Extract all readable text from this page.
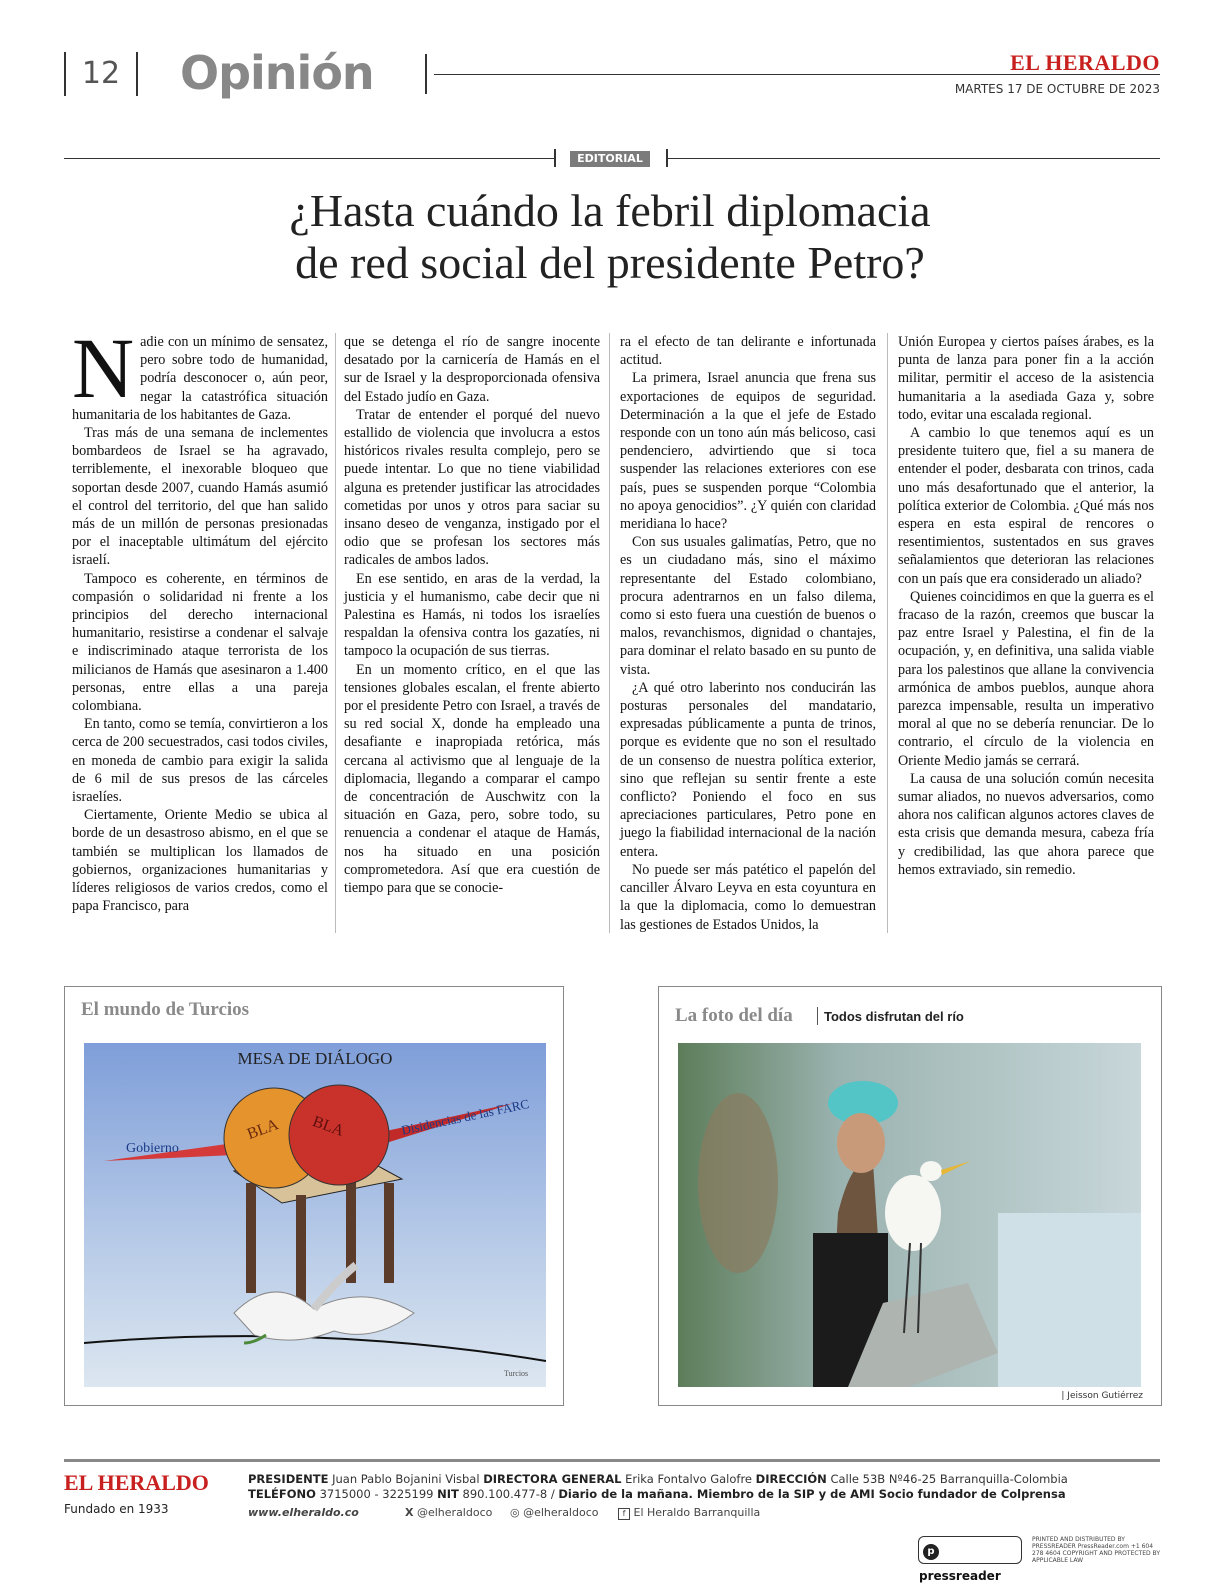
12	Opinión	EL HERALDO
MARTES 17 DE OCTUBRE DE 2023
EDITORIAL
¿Hasta cuándo la febril diplomacia
de red social del presidente Petro?

Nadie con un mínimo de sensatez, pero sobre todo de humanidad, podría desconocer o, aún peor, negar la catastrófica situación humanitaria de los habitantes de Gaza.

Tras más de una semana de inclementes bombardeos de Israel se ha agravado, terriblemente, el inexorable bloqueo que soportan desde 2007, cuando Hamás asumió el control del territorio, del que han salido más de un millón de personas presionadas por el inaceptable ultimátum del ejército israelí.

Tampoco es coherente, en términos de compasión o solidaridad ni frente a los principios del derecho internacional humanitario, resistirse a condenar el salvaje e indiscriminado ataque terrorista de los milicianos de Hamás que asesinaron a 1.400 personas, entre ellas a una pareja colombiana.

En tanto, como se temía, convirtieron a los cerca de 200 secuestrados, casi todos civiles, en moneda de cambio para exigir la salida de 6 mil de sus presos de las cárceles israelíes.

Ciertamente, Oriente Medio se ubica al borde de un desastroso abismo, en el que se también se multiplican los llamados de gobiernos, organizaciones humanitarias y líderes religiosos de varios credos, como el papa Francisco, para

que se detenga el río de sangre inocente desatado por la carnicería de Hamás en el sur de Israel y la desproporcionada ofensiva del Estado judío en Gaza.

Tratar de entender el porqué del nuevo estallido de violencia que involucra a estos históricos rivales resulta complejo, pero se puede intentar. Lo que no tiene viabilidad alguna es pretender justificar las atrocidades cometidas por unos y otros para saciar su insano deseo de venganza, instigado por el odio que se profesan los sectores más radicales de ambos lados.

En ese sentido, en aras de la verdad, la justicia y el humanismo, cabe decir que ni Palestina es Hamás, ni todos los israelíes respaldan la ofensiva contra los gazatíes, ni tampoco la ocupación de sus tierras.

En un momento crítico, en el que las tensiones globales escalan, el frente abierto por el presidente Petro con Israel, a través de su red social X, donde ha empleado una desafiante e inapropiada retórica, más cercana al activismo que al lenguaje de la diplomacia, llegando a comparar el campo de concentración de Auschwitz con la situación en Gaza, pero, sobre todo, su renuencia a condenar el ataque de Hamás, nos ha situado en una posición comprometedora. Así que era cuestión de tiempo para que se conocie-

ra el efecto de tan delirante e infortunada actitud.

La primera, Israel anuncia que frena sus exportaciones de equipos de seguridad. Determinación a la que el jefe de Estado responde con un tono aún más belicoso, casi pendenciero, advirtiendo que si toca suspender las relaciones exteriores con ese país, pues se suspenden porque “Colombia no apoya genocidios”. ¿Y quién con claridad meridiana lo hace?

Con sus usuales galimatías, Petro, que no es un ciudadano más, sino el máximo representante del Estado colombiano, procura adentrarnos en un falso dilema, como si esto fuera una cuestión de buenos o malos, revanchismos, dignidad o chantajes, para dominar el relato basado en su punto de vista.

¿A qué otro laberinto nos conducirán las posturas personales del mandatario, expresadas públicamente a punta de trinos, porque es evidente que no son el resultado de un consenso de nuestra política exterior, sino que reflejan su sentir frente a este conflicto? Poniendo el foco en sus apreciaciones particulares, Petro pone en juego la fiabilidad internacional de la nación entera.

No puede ser más patético el papelón del canciller Álvaro Leyva en esta coyuntura en la que la diplomacia, como lo demuestran las gestiones de Estados Unidos, la

Unión Europea y ciertos países árabes, es la punta de lanza para poner fin a la acción militar, permitir el acceso de la asistencia humanitaria a la asediada Gaza y, sobre todo, evitar una escalada regional.

A cambio lo que tenemos aquí es un presidente tuitero que, fiel a su manera de entender el poder, desbarata con trinos, cada uno más desafortunado que el anterior, la política exterior de Colombia. ¿Qué más nos espera en esta espiral de rencores o resentimientos, sustentados en sus graves señalamientos que deterioran las relaciones con un país que era considerado un aliado?

Quienes coincidimos en que la guerra es el fracaso de la razón, creemos que buscar la paz entre Israel y Palestina, el fin de la ocupación, y, en definitiva, una salida viable para los palestinos que allane la convivencia armónica de ambos pueblos, aunque ahora parezca impensable, resulta un imperativo moral al que no se debería renunciar. De lo contrario, el círculo de la violencia en Oriente Medio jamás se cerrará.

La causa de una solución común necesita sumar aliados, no nuevos adversarios, como ahora nos califican algunos actores claves de esta crisis que demanda mesura, cabeza fría y credibilidad, las que ahora parece que hemos extraviado, sin remedio.

El mundo de Turcios
MESA DE DIÁLOGO
Gobierno
Disidencias de las FARC
BLA BLA
Turcios
La foto del día Todos disfrutan del río
| Jeisson Gutiérrez
EL HERALDO
Fundado en 1933
PRESIDENTE Juan Pablo Bojanini Visbal DIRECTORA GENERAL Erika Fontalvo Galofre DIRECCIÓN Calle 53B Nº46-25 Barranquilla-Colombia
TELÉFONO 3715000 - 3225199 NIT 890.100.477-8 / Diario de la mañana. Miembro de la SIP y de AMI Socio fundador de Colprensa
www.elheraldo.co	X @elheraldoco ◎ @elheraldoco	f El Heraldo Barranquilla
ppressreader
PRINTED AND DISTRIBUTED BY PRESSREADER PressReader.com +1 604 278 4604 COPYRIGHT AND PROTECTED BY APPLICABLE LAW
